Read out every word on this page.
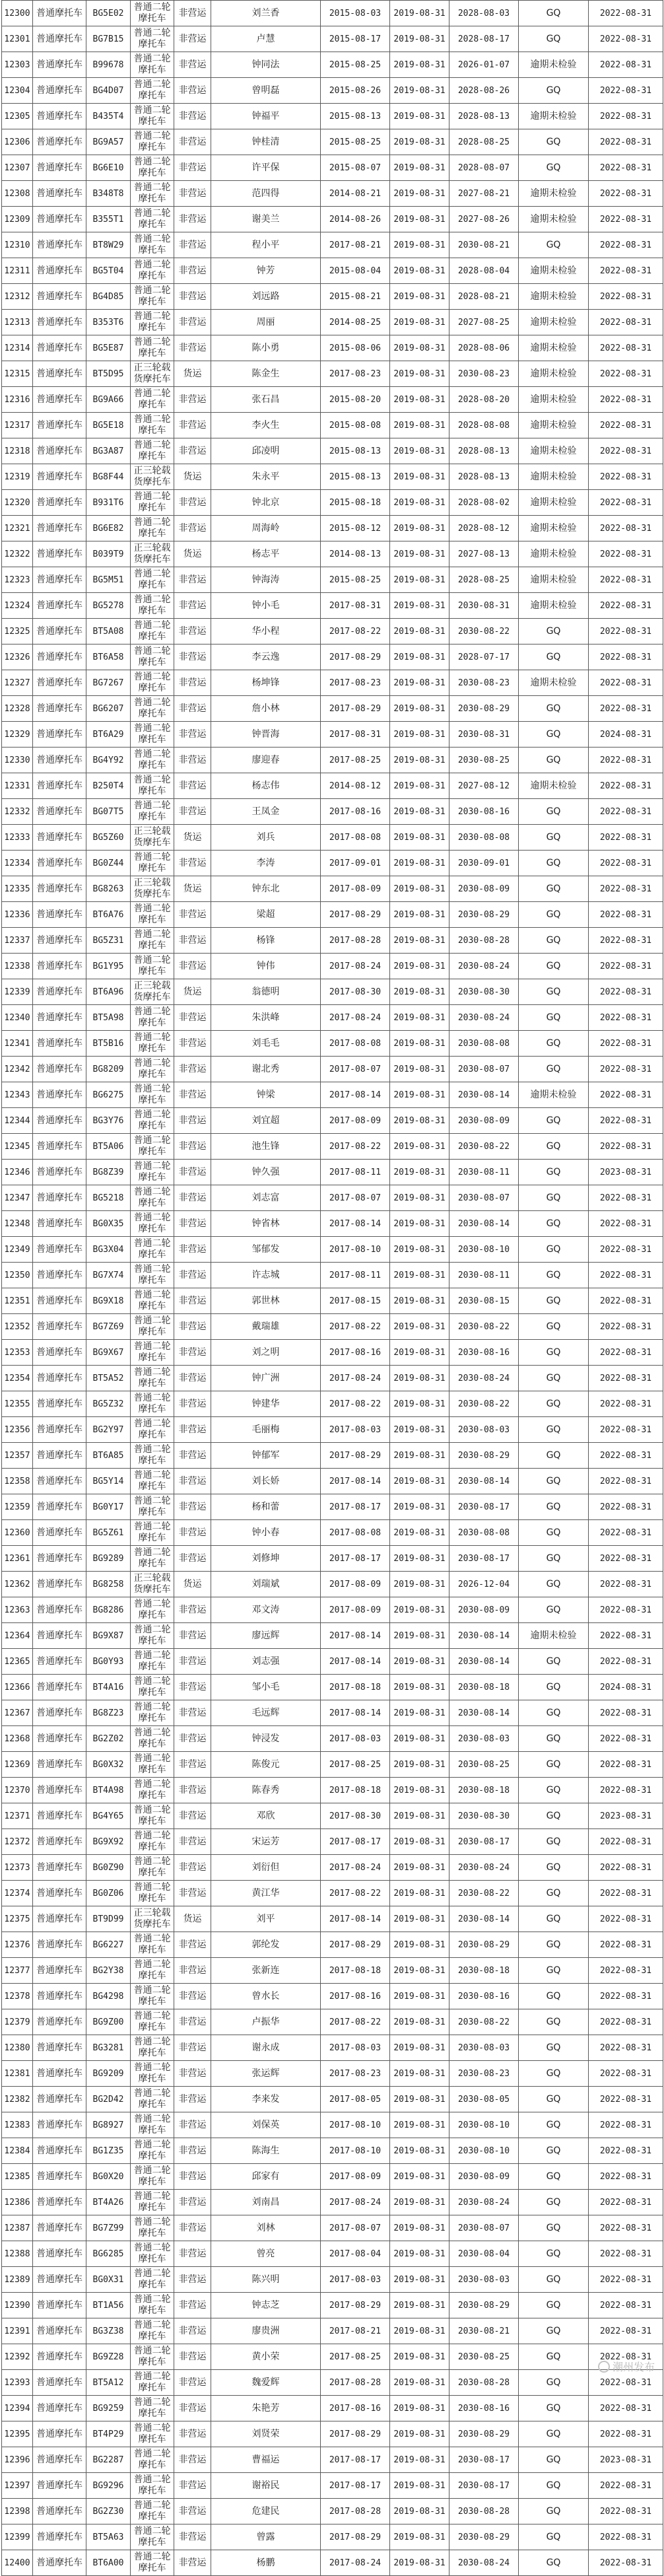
12300	普通摩托车	BG5E02	普通二轮摩托车	非营运	刘兰香	2015-08-03	2019-08-31	2028-08-03	GQ	2022-08-31
12301	普通摩托车	BG7B15	普通二轮摩托车	非营运	卢慧	2015-08-17	2019-08-31	2028-08-17	GQ	2022-08-31
12303	普通摩托车	B99678	普通二轮摩托车	非营运	钟同法	2015-08-25	2019-08-31	2026-01-07	逾期未检验	2022-08-31
12304	普通摩托车	BG4D07	普通二轮摩托车	非营运	曾明磊	2015-08-26	2019-08-31	2028-08-26	GQ	2022-08-31
12305	普通摩托车	B435T4	普通二轮摩托车	非营运	钟福平	2015-08-13	2019-08-31	2028-08-13	逾期未检验	2022-08-31
12306	普通摩托车	BG9A57	普通二轮摩托车	非营运	钟桂清	2015-08-25	2019-08-31	2028-08-25	GQ	2022-08-31
12307	普通摩托车	BG6E10	普通二轮摩托车	非营运	许平保	2015-08-07	2019-08-31	2028-08-07	GQ	2022-08-31
12308	普通摩托车	B348T8	普通二轮摩托车	非营运	范四得	2014-08-21	2019-08-31	2027-08-21	逾期未检验	2022-08-31
12309	普通摩托车	B355T1	普通二轮摩托车	非营运	谢美兰	2014-08-26	2019-08-31	2027-08-26	逾期未检验	2022-08-31
12310	普通摩托车	BT8W29	普通二轮摩托车	非营运	程小平	2017-08-21	2019-08-31	2030-08-21	GQ	2022-08-31
12311	普通摩托车	BG5T04	普通二轮摩托车	非营运	钟芳	2015-08-04	2019-08-31	2028-08-04	逾期未检验	2022-08-31
12312	普通摩托车	BG4D85	普通二轮摩托车	非营运	刘远路	2015-08-21	2019-08-31	2028-08-21	逾期未检验	2022-08-31
12313	普通摩托车	B353T6	普通二轮摩托车	非营运	周丽	2014-08-25	2019-08-31	2027-08-25	逾期未检验	2022-08-31
12314	普通摩托车	BG5E87	普通二轮摩托车	非营运	陈小勇	2015-08-06	2019-08-31	2028-08-06	逾期未检验	2022-08-31
12315	普通摩托车	BT5D95	正三轮载货摩托车	货运	陈金生	2017-08-23	2019-08-31	2030-08-23	逾期未检验	2022-08-31
12316	普通摩托车	BG9A66	普通二轮摩托车	非营运	张石昌	2015-08-20	2019-08-31	2028-08-20	逾期未检验	2022-08-31
12317	普通摩托车	BG5E18	普通二轮摩托车	非营运	李火生	2015-08-08	2019-08-31	2028-08-08	逾期未检验	2022-08-31
12318	普通摩托车	BG3A87	普通二轮摩托车	非营运	邱凌明	2015-08-13	2019-08-31	2028-08-13	逾期未检验	2022-08-31
12319	普通摩托车	BG8F44	正三轮载货摩托车	货运	朱永平	2015-08-13	2019-08-31	2028-08-13	逾期未检验	2022-08-31
12320	普通摩托车	B931T6	普通二轮摩托车	非营运	钟北京	2015-08-18	2019-08-31	2028-08-02	逾期未检验	2022-08-31
12321	普通摩托车	BG6E82	普通二轮摩托车	非营运	周海岭	2015-08-12	2019-08-31	2028-08-12	逾期未检验	2022-08-31
12322	普通摩托车	B039T9	正三轮载货摩托车	货运	杨志平	2014-08-13	2019-08-31	2027-08-13	逾期未检验	2022-08-31
12323	普通摩托车	BG5M51	普通二轮摩托车	非营运	钟海涛	2015-08-25	2019-08-31	2028-08-25	逾期未检验	2022-08-31
12324	普通摩托车	BG5278	普通二轮摩托车	非营运	钟小毛	2017-08-31	2019-08-31	2030-08-31	逾期未检验	2022-08-31
12325	普通摩托车	BT5A08	普通二轮摩托车	非营运	华小程	2017-08-22	2019-08-31	2030-08-22	GQ	2022-08-31
12326	普通摩托车	BT6A58	普通二轮摩托车	非营运	李云逸	2017-08-29	2019-08-31	2028-07-17	GQ	2022-08-31
12327	普通摩托车	BG7267	普通二轮摩托车	非营运	杨坤锋	2017-08-23	2019-08-31	2030-08-23	逾期未检验	2022-08-31
12328	普通摩托车	BG6207	普通二轮摩托车	非营运	詹小林	2017-08-29	2019-08-31	2030-08-29	GQ	2022-08-31
12329	普通摩托车	BT6A29	普通二轮摩托车	非营运	钟晋海	2017-08-31	2019-08-31	2030-08-31	GQ	2024-08-31
12330	普通摩托车	BG4Y92	普通二轮摩托车	非营运	廖迎春	2017-08-25	2019-08-31	2030-08-25	GQ	2022-08-31
12331	普通摩托车	B250T4	普通二轮摩托车	非营运	杨志伟	2014-08-12	2019-08-31	2027-08-12	逾期未检验	2022-08-31
12332	普通摩托车	BG07T5	普通二轮摩托车	非营运	王凤金	2017-08-16	2019-08-31	2030-08-16	GQ	2022-08-31
12333	普通摩托车	BG5Z60	正三轮载货摩托车	货运	刘兵	2017-08-08	2019-08-31	2030-08-08	GQ	2022-08-31
12334	普通摩托车	BG0Z44	普通二轮摩托车	非营运	李涛	2017-09-01	2019-08-31	2030-09-01	GQ	2022-08-31
12335	普通摩托车	BG8263	正三轮载货摩托车	货运	钟东北	2017-08-09	2019-08-31	2030-08-09	GQ	2022-08-31
12336	普通摩托车	BT6A76	普通二轮摩托车	非营运	梁超	2017-08-29	2019-08-31	2030-08-29	GQ	2022-08-31
12337	普通摩托车	BG5Z31	普通二轮摩托车	非营运	杨锋	2017-08-28	2019-08-31	2030-08-28	GQ	2022-08-31
12338	普通摩托车	BG1Y95	普通二轮摩托车	非营运	钟伟	2017-08-24	2019-08-31	2030-08-24	GQ	2022-08-31
12339	普通摩托车	BT6A96	正三轮载货摩托车	货运	翁德明	2017-08-30	2019-08-31	2030-08-30	GQ	2022-08-31
12340	普通摩托车	BT5A98	普通二轮摩托车	非营运	朱洪峰	2017-08-24	2019-08-31	2030-08-24	GQ	2022-08-31
12341	普通摩托车	BT5B16	普通二轮摩托车	非营运	刘毛毛	2017-08-08	2019-08-31	2030-08-08	GQ	2022-08-31
12342	普通摩托车	BG8209	普通二轮摩托车	非营运	谢北秀	2017-08-07	2019-08-31	2030-08-07	GQ	2022-08-31
12343	普通摩托车	BG6275	普通二轮摩托车	非营运	钟梁	2017-08-14	2019-08-31	2030-08-14	逾期未检验	2022-08-31
12344	普通摩托车	BG3Y76	普通二轮摩托车	非营运	刘宜超	2017-08-09	2019-08-31	2030-08-09	GQ	2022-08-31
12345	普通摩托车	BT5A06	普通二轮摩托车	非营运	池生锋	2017-08-22	2019-08-31	2030-08-22	GQ	2022-08-31
12346	普通摩托车	BG8Z39	普通二轮摩托车	非营运	钟久强	2017-08-11	2019-08-31	2030-08-11	GQ	2023-08-31
12347	普通摩托车	BG5218	普通二轮摩托车	非营运	刘志富	2017-08-07	2019-08-31	2030-08-07	GQ	2022-08-31
12348	普通摩托车	BG0X35	普通二轮摩托车	非营运	钟省林	2017-08-14	2019-08-31	2030-08-14	GQ	2022-08-31
12349	普通摩托车	BG3X04	普通二轮摩托车	非营运	邹郁发	2017-08-10	2019-08-31	2030-08-10	GQ	2022-08-31
12350	普通摩托车	BG7X74	普通二轮摩托车	非营运	许志城	2017-08-11	2019-08-31	2030-08-11	GQ	2022-08-31
12351	普通摩托车	BG9X18	普通二轮摩托车	非营运	郭世林	2017-08-15	2019-08-31	2030-08-15	GQ	2022-08-31
12352	普通摩托车	BG7Z69	普通二轮摩托车	非营运	戴瑞雄	2017-08-22	2019-08-31	2030-08-22	GQ	2022-08-31
12353	普通摩托车	BG9X67	普通二轮摩托车	非营运	刘之明	2017-08-16	2019-08-31	2030-08-16	GQ	2022-08-31
12354	普通摩托车	BT5A52	普通二轮摩托车	非营运	钟广洲	2017-08-24	2019-08-31	2030-08-24	GQ	2022-08-31
12355	普通摩托车	BG5Z32	普通二轮摩托车	非营运	钟建华	2017-08-22	2019-08-31	2030-08-22	GQ	2022-08-31
12356	普通摩托车	BG2Y97	普通二轮摩托车	非营运	毛丽梅	2017-08-03	2019-08-31	2030-08-03	GQ	2022-08-31
12357	普通摩托车	BT6A85	普通二轮摩托车	非营运	钟郁军	2017-08-29	2019-08-31	2030-08-29	GQ	2022-08-31
12358	普通摩托车	BG5Y14	普通二轮摩托车	非营运	刘长娇	2017-08-14	2019-08-31	2030-08-14	GQ	2022-08-31
12359	普通摩托车	BG0Y17	普通二轮摩托车	非营运	杨和蕾	2017-08-17	2019-08-31	2030-08-17	GQ	2022-08-31
12360	普通摩托车	BG5Z61	普通二轮摩托车	非营运	钟小春	2017-08-08	2019-08-31	2030-08-08	GQ	2022-08-31
12361	普通摩托车	BG9289	普通二轮摩托车	非营运	刘修坤	2017-08-17	2019-08-31	2030-08-17	GQ	2022-08-31
12362	普通摩托车	BG8258	正三轮载货摩托车	货运	刘瑞斌	2017-08-09	2019-08-31	2026-12-04	GQ	2022-08-31
12363	普通摩托车	BG8286	普通二轮摩托车	非营运	邓文涛	2017-08-09	2019-08-31	2030-08-09	GQ	2022-08-31
12364	普通摩托车	BG9X87	普通二轮摩托车	非营运	廖远辉	2017-08-14	2019-08-31	2030-08-14	逾期未检验	2022-08-31
12365	普通摩托车	BG0Y93	普通二轮摩托车	非营运	刘志强	2017-08-14	2019-08-31	2030-08-14	GQ	2022-08-31
12366	普通摩托车	BT4A16	普通二轮摩托车	非营运	邹小毛	2017-08-18	2019-08-31	2030-08-18	GQ	2024-08-31
12367	普通摩托车	BG8Z23	普通二轮摩托车	非营运	毛远辉	2017-08-14	2019-08-31	2030-08-14	GQ	2022-08-31
12368	普通摩托车	BG2Z02	普通二轮摩托车	非营运	钟浸发	2017-08-03	2019-08-31	2030-08-03	GQ	2022-08-31
12369	普通摩托车	BG0X32	普通二轮摩托车	非营运	陈俊元	2017-08-25	2019-08-31	2030-08-25	GQ	2022-08-31
12370	普通摩托车	BT4A98	普通二轮摩托车	非营运	陈春秀	2017-08-18	2019-08-31	2030-08-18	GQ	2022-08-31
12371	普通摩托车	BG4Y65	普通二轮摩托车	非营运	邓欣	2017-08-30	2019-08-31	2030-08-30	GQ	2023-08-31
12372	普通摩托车	BG9X92	普通二轮摩托车	非营运	宋运芳	2017-08-17	2019-08-31	2030-08-17	GQ	2022-08-31
12373	普通摩托车	BG0Z90	普通二轮摩托车	非营运	刘衍但	2017-08-24	2019-08-31	2030-08-24	GQ	2022-08-31
12374	普通摩托车	BG0Z06	普通二轮摩托车	非营运	黄江华	2017-08-22	2019-08-31	2030-08-22	GQ	2022-08-31
12375	普通摩托车	BT9D99	正三轮载货摩托车	货运	刘平	2017-08-14	2019-08-31	2030-08-14	GQ	2022-08-31
12376	普通摩托车	BG6227	普通二轮摩托车	非营运	郭纶发	2017-08-29	2019-08-31	2030-08-29	GQ	2022-08-31
12377	普通摩托车	BG2Y38	普通二轮摩托车	非营运	张新连	2017-08-18	2019-08-31	2030-08-18	GQ	2022-08-31
12378	普通摩托车	BG4298	普通二轮摩托车	非营运	曾水长	2017-08-16	2019-08-31	2030-08-16	GQ	2022-08-31
12379	普通摩托车	BG9Z00	普通二轮摩托车	非营运	卢振华	2017-08-22	2019-08-31	2030-08-22	GQ	2022-08-31
12380	普通摩托车	BG3281	普通二轮摩托车	非营运	谢永成	2017-08-03	2019-08-31	2030-08-03	GQ	2022-08-31
12381	普通摩托车	BG9209	普通二轮摩托车	非营运	张运辉	2017-08-23	2019-08-31	2030-08-23	GQ	2022-08-31
12382	普通摩托车	BG2D42	普通二轮摩托车	非营运	李来发	2017-08-05	2019-08-31	2030-08-05	GQ	2022-08-31
12383	普通摩托车	BG8927	普通二轮摩托车	非营运	刘保英	2017-08-10	2019-08-31	2030-08-10	GQ	2022-08-31
12384	普通摩托车	BG1Z35	普通二轮摩托车	非营运	陈海生	2017-08-10	2019-08-31	2030-08-10	GQ	2022-08-31
12385	普通摩托车	BG0X20	普通二轮摩托车	非营运	邱家有	2017-08-09	2019-08-31	2030-08-09	GQ	2022-08-31
12386	普通摩托车	BT4A26	普通二轮摩托车	非营运	刘南昌	2017-08-24	2019-08-31	2030-08-24	GQ	2022-08-31
12387	普通摩托车	BG7Z99	普通二轮摩托车	非营运	刘林	2017-08-07	2019-08-31	2030-08-07	GQ	2022-08-31
12388	普通摩托车	BG6285	普通二轮摩托车	非营运	曾亮	2017-08-04	2019-08-31	2030-08-04	GQ	2022-08-31
12389	普通摩托车	BG0X31	普通二轮摩托车	非营运	陈兴明	2017-08-03	2019-08-31	2030-08-03	GQ	2022-08-31
12390	普通摩托车	BT1A56	普通二轮摩托车	非营运	钟志芝	2017-08-29	2019-08-31	2030-08-29	GQ	2022-08-31
12391	普通摩托车	BG3Z38	普通二轮摩托车	非营运	廖贵洲	2017-08-21	2019-08-31	2030-08-21	GQ	2022-08-31
12392	普通摩托车	BG9Z28	普通二轮摩托车	非营运	黄小荣	2017-08-25	2019-08-31	2030-08-25	GQ	2022-08-31
12393	普通摩托车	BT5A12	普通二轮摩托车	非营运	魏爱辉	2017-08-28	2019-08-31	2030-08-28	GQ	2022-08-31
12394	普通摩托车	BG9259	普通二轮摩托车	非营运	朱艳芳	2017-08-16	2019-08-31	2030-08-16	GQ	2022-08-31
12395	普通摩托车	BT4P29	普通二轮摩托车	非营运	刘贤荣	2017-08-29	2019-08-31	2030-08-29	GQ	2022-08-31
12396	普通摩托车	BG2287	普通二轮摩托车	非营运	曹福运	2017-08-17	2019-08-31	2030-08-17	GQ	2023-08-31
12397	普通摩托车	BG9296	普通二轮摩托车	非营运	谢裕民	2017-08-17	2019-08-31	2030-08-17	GQ	2022-08-31
12398	普通摩托车	BG2Z30	普通二轮摩托车	非营运	危建民	2017-08-28	2019-08-31	2030-08-28	GQ	2022-08-31
12399	普通摩托车	BT5A63	普通二轮摩托车	非营运	曾露	2017-08-29	2019-08-31	2030-08-29	GQ	2022-08-31
12400	普通摩托车	BT6A00	普通二轮摩托车	非营运	杨鹏	2017-08-24	2019-08-31	2030-08-24	GQ	2022-08-31
潮州发布
